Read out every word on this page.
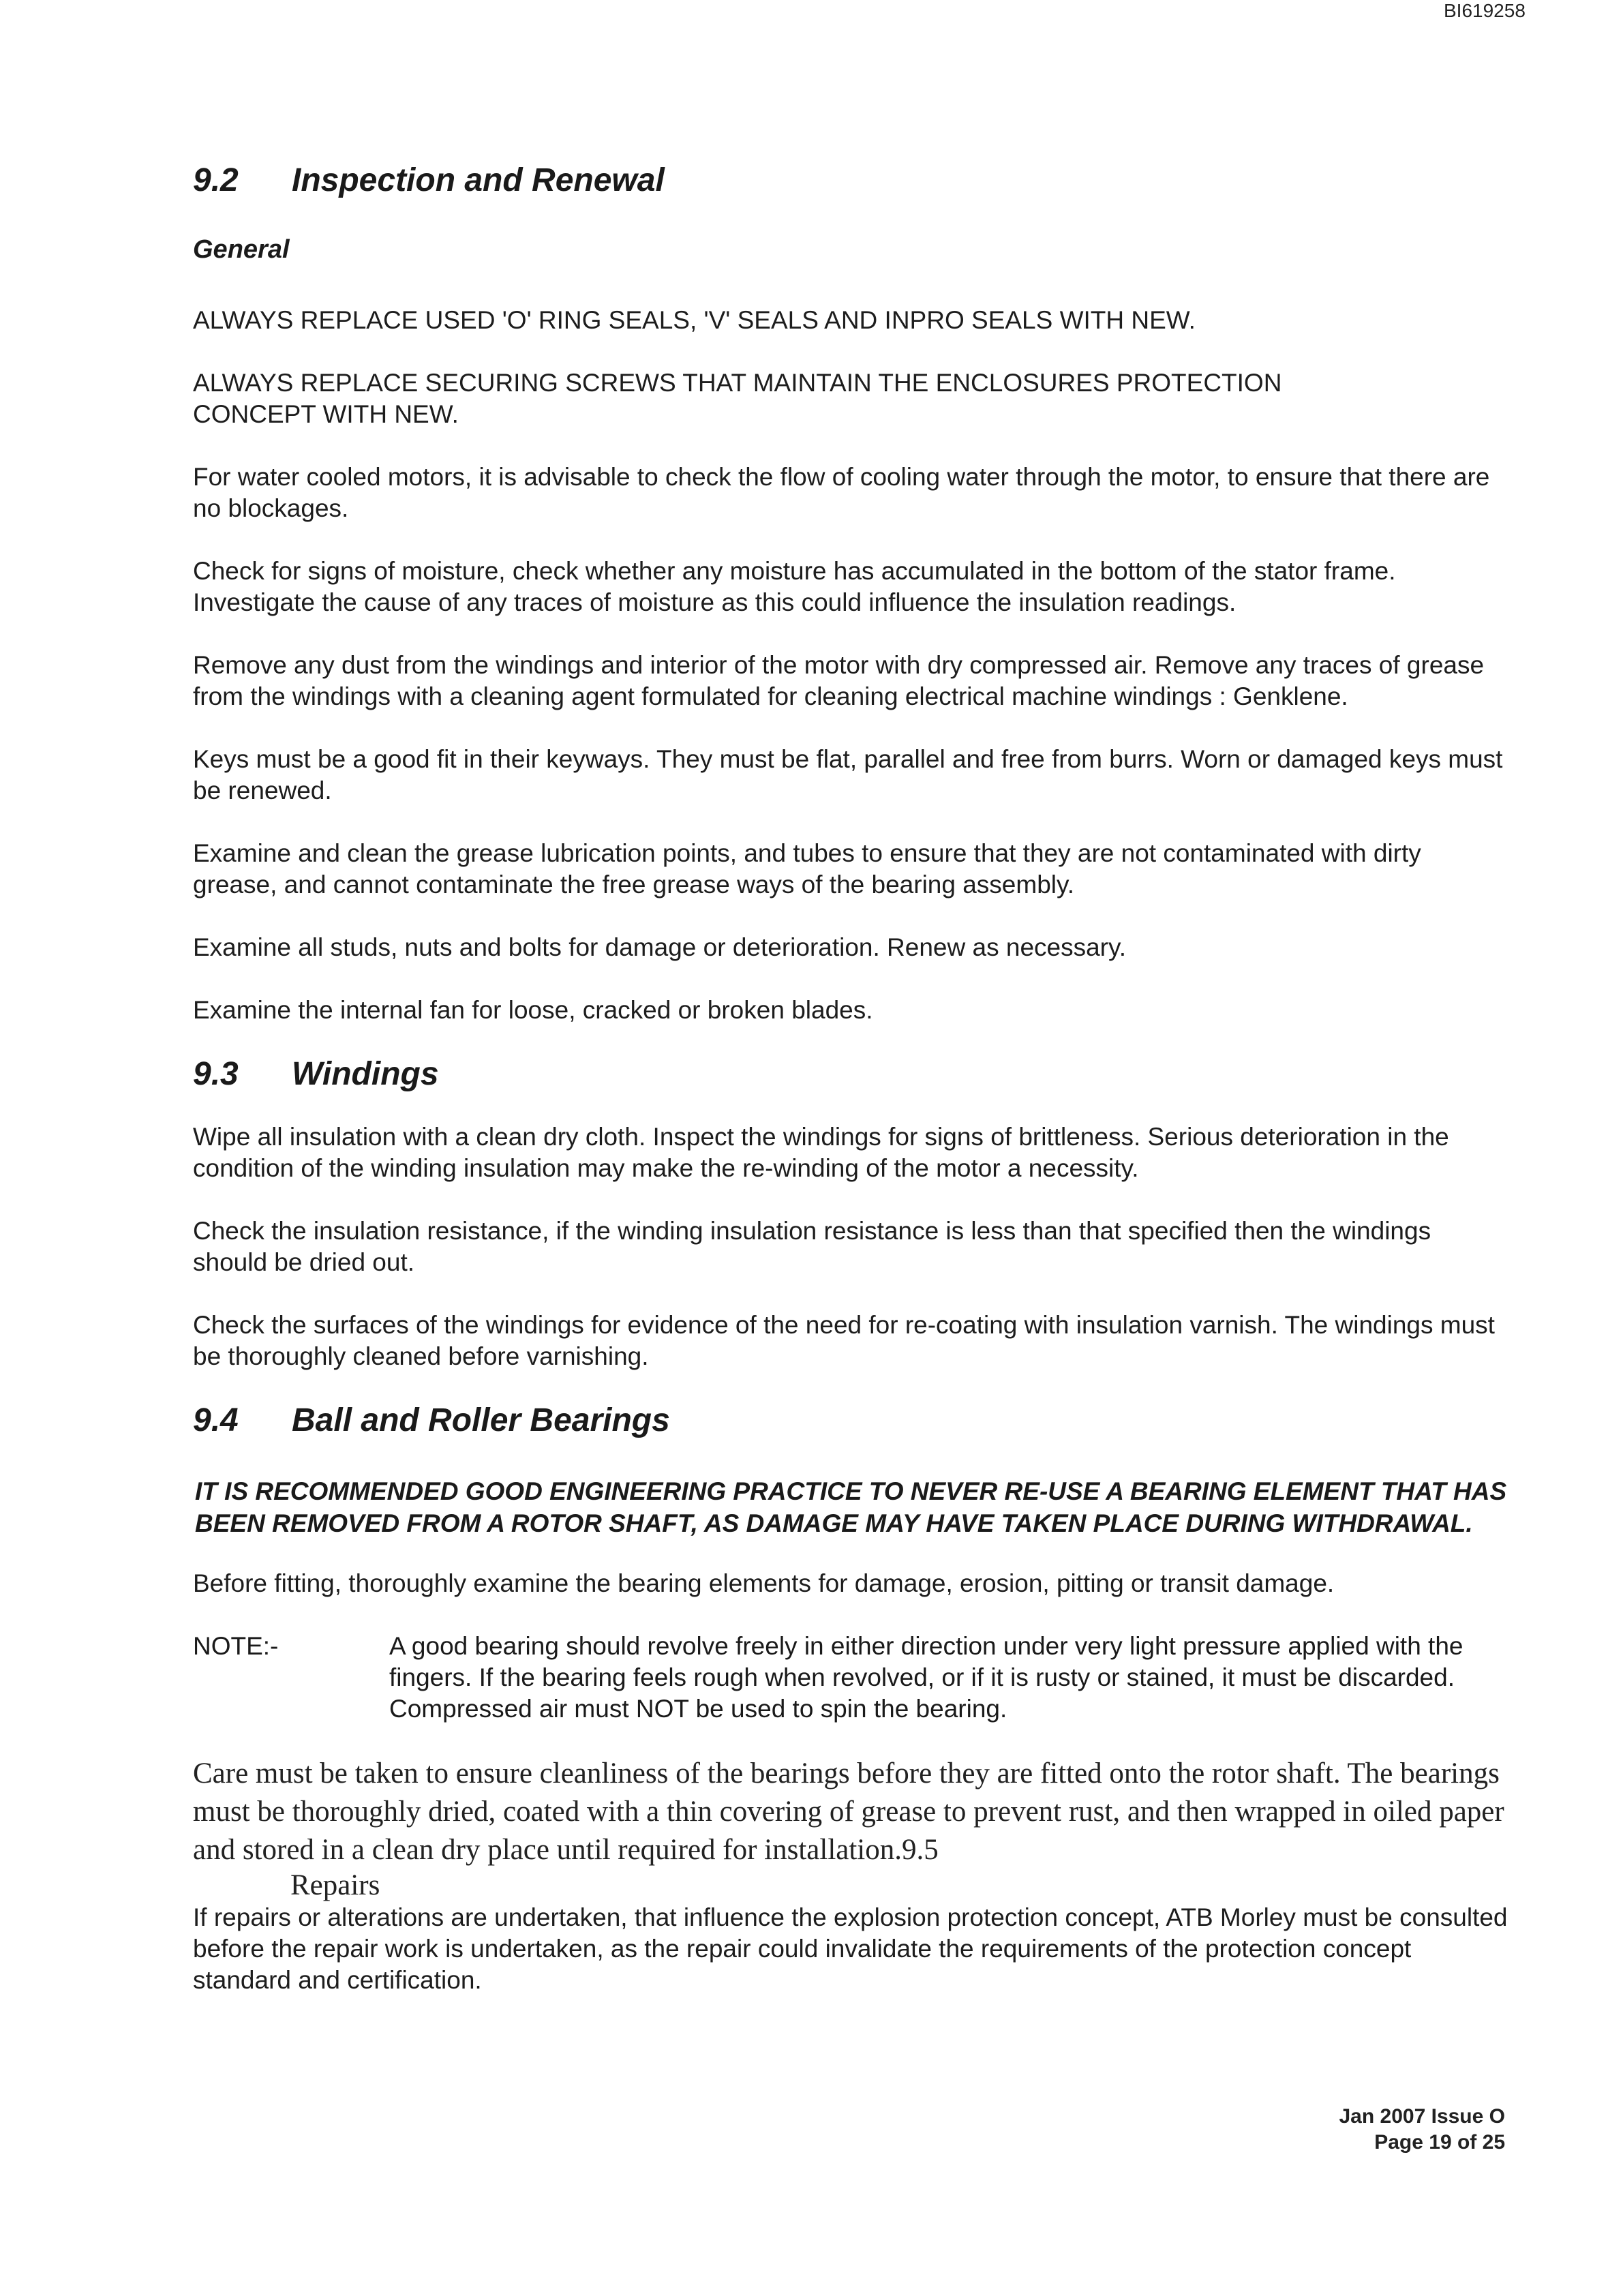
BI619258
9.2	Inspection and Renewal
General

ALWAYS REPLACE USED 'O' RING SEALS, 'V' SEALS AND INPRO SEALS WITH NEW.

ALWAYS REPLACE SECURING SCREWS THAT MAINTAIN THE ENCLOSURES PROTECTION CONCEPT WITH NEW.

For water cooled motors, it is advisable to check the flow of cooling water through the motor, to ensure that there are no blockages.

Check for signs of moisture, check whether any moisture has accumulated in the bottom of the stator frame. Investigate the cause of any traces of moisture as this could influence the insulation readings.

Remove any dust from the windings and interior of the motor with dry compressed air. Remove any traces of grease from the windings with a cleaning agent formulated for cleaning electrical machine windings : Genklene.

Keys must be a good fit in their keyways. They must be flat, parallel and free from burrs. Worn or damaged keys must be renewed.

Examine and clean the grease lubrication points, and tubes to ensure that they are not contaminated with dirty grease, and cannot contaminate the free grease ways of the bearing assembly.

Examine all studs, nuts and bolts for damage or deterioration. Renew as necessary.

Examine the internal fan for loose, cracked or broken blades.

9.3	Windings

Wipe all insulation with a clean dry cloth. Inspect the windings for signs of brittleness. Serious deterioration in the condition of the winding insulation may make the re-winding of the motor a necessity.

Check the insulation resistance, if the winding insulation resistance is less than that specified then the windings should be dried out.

Check the surfaces of the windings for evidence of the need for re-coating with insulation varnish. The windings must be thoroughly cleaned before varnishing.

9.4	Ball and Roller Bearings

IT IS RECOMMENDED GOOD ENGINEERING PRACTICE TO NEVER RE-USE A BEARING ELEMENT THAT HAS BEEN REMOVED FROM A ROTOR SHAFT, AS DAMAGE MAY HAVE TAKEN PLACE DURING WITHDRAWAL.

Before fitting, thoroughly examine the bearing elements for damage, erosion, pitting or transit damage.

NOTE:-	A good bearing should revolve freely in either direction under very light pressure applied with the fingers. If the bearing feels rough when revolved, or if it is rusty or stained, it must be discarded. Compressed air must NOT be used to spin the bearing.

Care must be taken to ensure cleanliness of the bearings before they are fitted onto the rotor shaft. The bearings must be thoroughly dried, coated with a thin covering of grease to prevent rust, and then wrapped in oiled paper and stored in a clean dry place until required for installation.9.5

Repairs

If repairs or alterations are undertaken, that influence the explosion protection concept, ATB Morley must be consulted before the repair work is undertaken, as the repair could invalidate the requirements of the protection concept standard and certification.

Jan 2007 Issue O
Page 19 of 25
